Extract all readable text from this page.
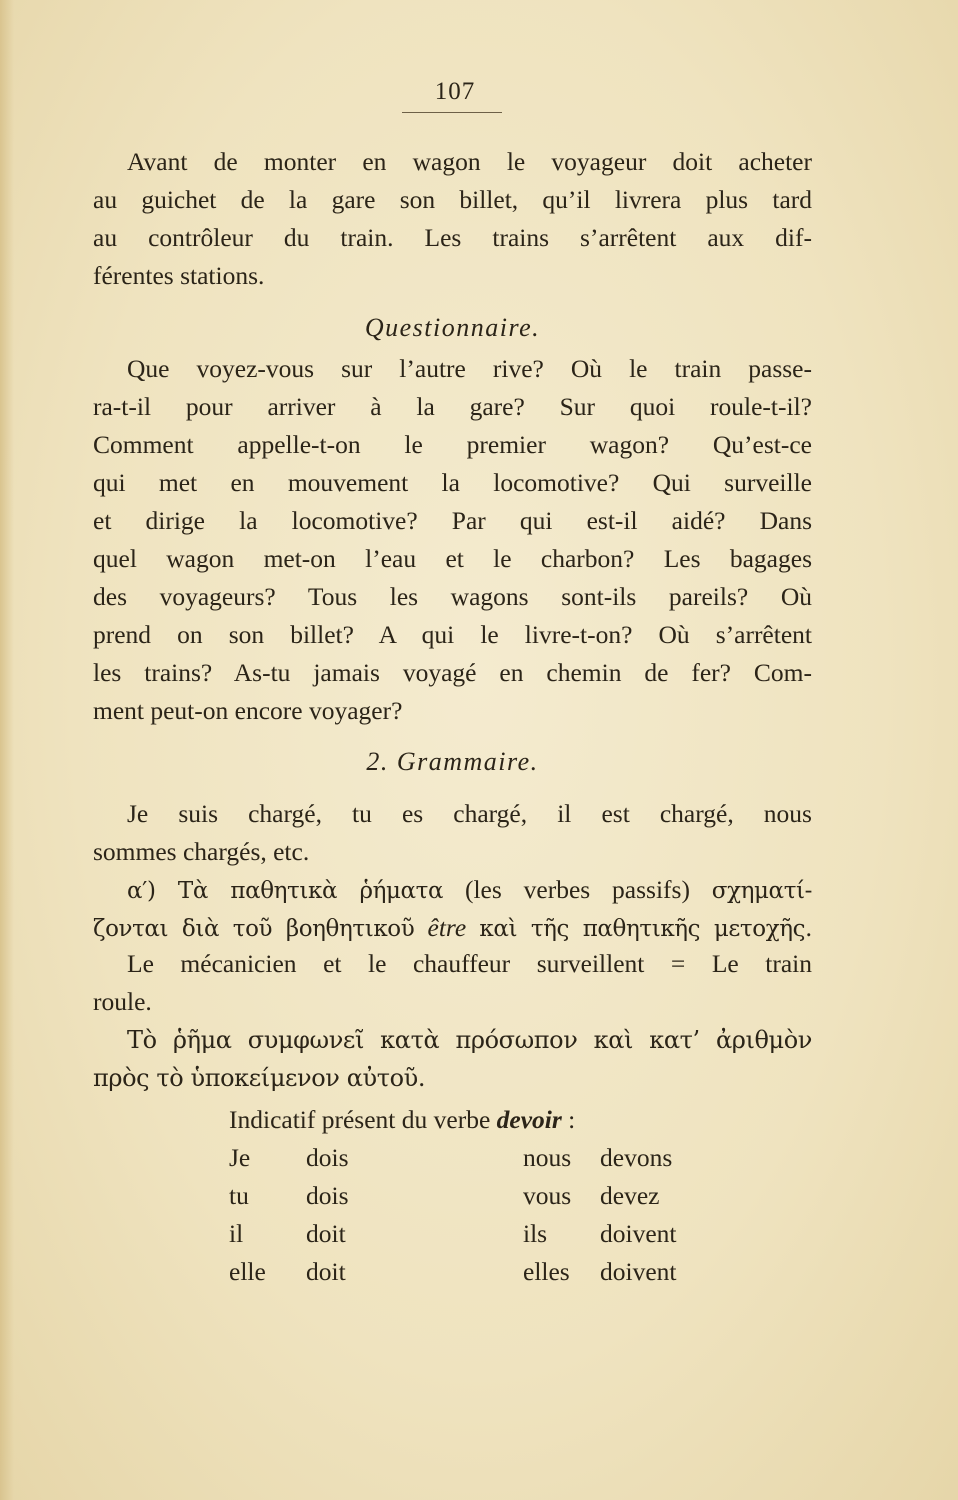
107
Avant de monter en wagon le voyageur doit acheter
au guichet de la gare son billet, qu’il livrera plus tard
au contrôleur du train. Les trains s’arrêtent aux dif-
férentes stations.
Questionnaire.
Que voyez-vous sur l’autre rive? Où le train passe-
ra-t-il pour arriver à la gare? Sur quoi roule-t-il?
Comment appelle-t-on le premier wagon? Qu’est-ce
qui met en mouvement la locomotive? Qui surveille
et dirige la locomotive? Par qui est-il aidé? Dans
quel wagon met-on l’eau et le charbon? Les bagages
des voyageurs? Tous les wagons sont-ils pareils? Où
prend on son billet? A qui le livre-t-on? Où s’arrêtent
les trains? As-tu jamais voyagé en chemin de fer? Com-
ment peut-on encore voyager?
2. Grammaire.
Je suis chargé, tu es chargé, il est chargé, nous
sommes chargés, etc.
α′) Τὰ παθητικὰ ῥήματα (les verbes passifs) σχηματί-
ζονται διὰ τοῦ βοηθητικοῦ être καὶ τῆς παθητικῆς μετοχῆς.
Le mécanicien et le chauffeur surveillent = Le train
roule.
Τὸ ῥῆμα συμφωνεῖ κατὰ πρόσωπον καὶ κατ’ ἀριθμὸν
πρὸς τὸ ὑποκείμενον αὐτοῦ.
Indicatif présent du verbe devoir :
Je dois	nous devons
tu dois	vous devez
il doit	ils doivent
elle doit	elles doivent
